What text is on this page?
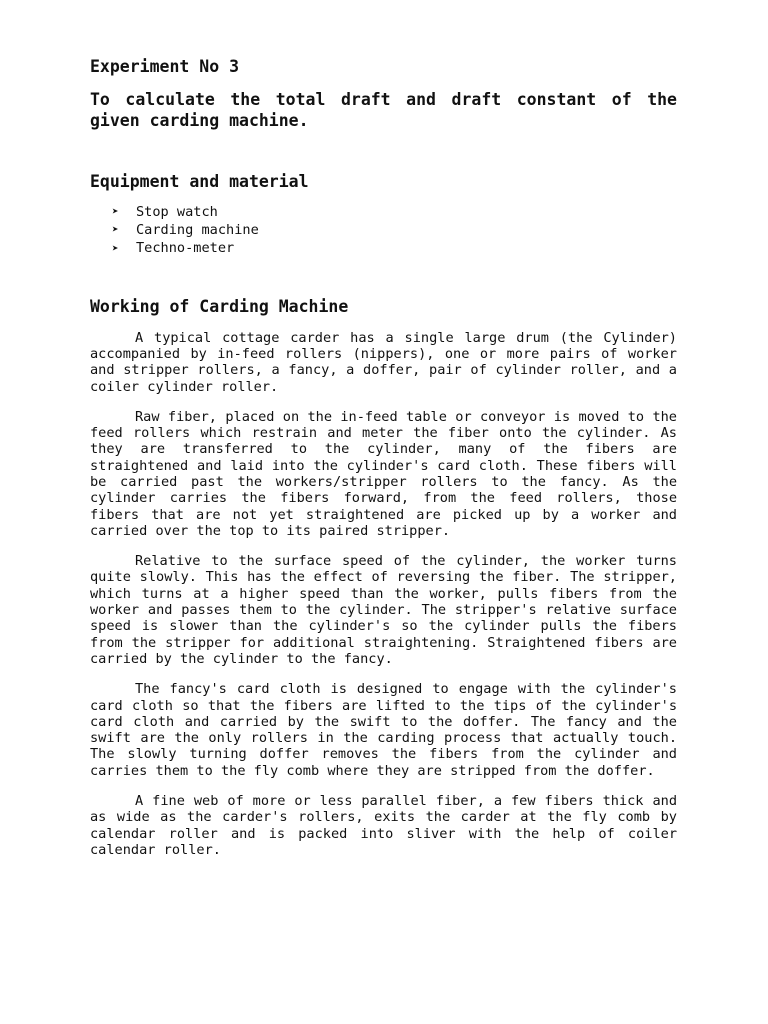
Experiment No 3
To calculate the total draft and draft constant of the given carding machine.
Equipment and material
➤	Stop watch
➤	Carding machine
➤	Techno-meter
Working of Carding Machine

A typical cottage carder has a single large drum (the Cylinder) accompanied by in-feed rollers (nippers), one or more pairs of worker and stripper rollers, a fancy, a doffer, pair of cylinder roller, and a coiler cylinder roller.

Raw fiber, placed on the in-feed table or conveyor is moved to the feed rollers which restrain and meter the fiber onto the cylinder. As they are transferred to the cylinder, many of the fibers are straightened and laid into the cylinder's card cloth. These fibers will be carried past the workers/stripper rollers to the fancy. As the cylinder carries the fibers forward, from the feed rollers, those fibers that are not yet straightened are picked up by a worker and carried over the top to its paired stripper.

Relative to the surface speed of the cylinder, the worker turns quite slowly. This has the effect of reversing the fiber. The stripper, which turns at a higher speed than the worker, pulls fibers from the worker and passes them to the cylinder. The stripper's relative surface speed is slower than the cylinder's so the cylinder pulls the fibers from the stripper for additional straightening. Straightened fibers are carried by the cylinder to the fancy.

The fancy's card cloth is designed to engage with the cylinder's card cloth so that the fibers are lifted to the tips of the cylinder's card cloth and carried by the swift to the doffer. The fancy and the swift are the only rollers in the carding process that actually touch. The slowly turning doffer removes the fibers from the cylinder and carries them to the fly comb where they are stripped from the doffer.

A fine web of more or less parallel fiber, a few fibers thick and as wide as the carder's rollers, exits the carder at the fly comb by calendar roller and is packed into sliver with the help of coiler calendar roller.
